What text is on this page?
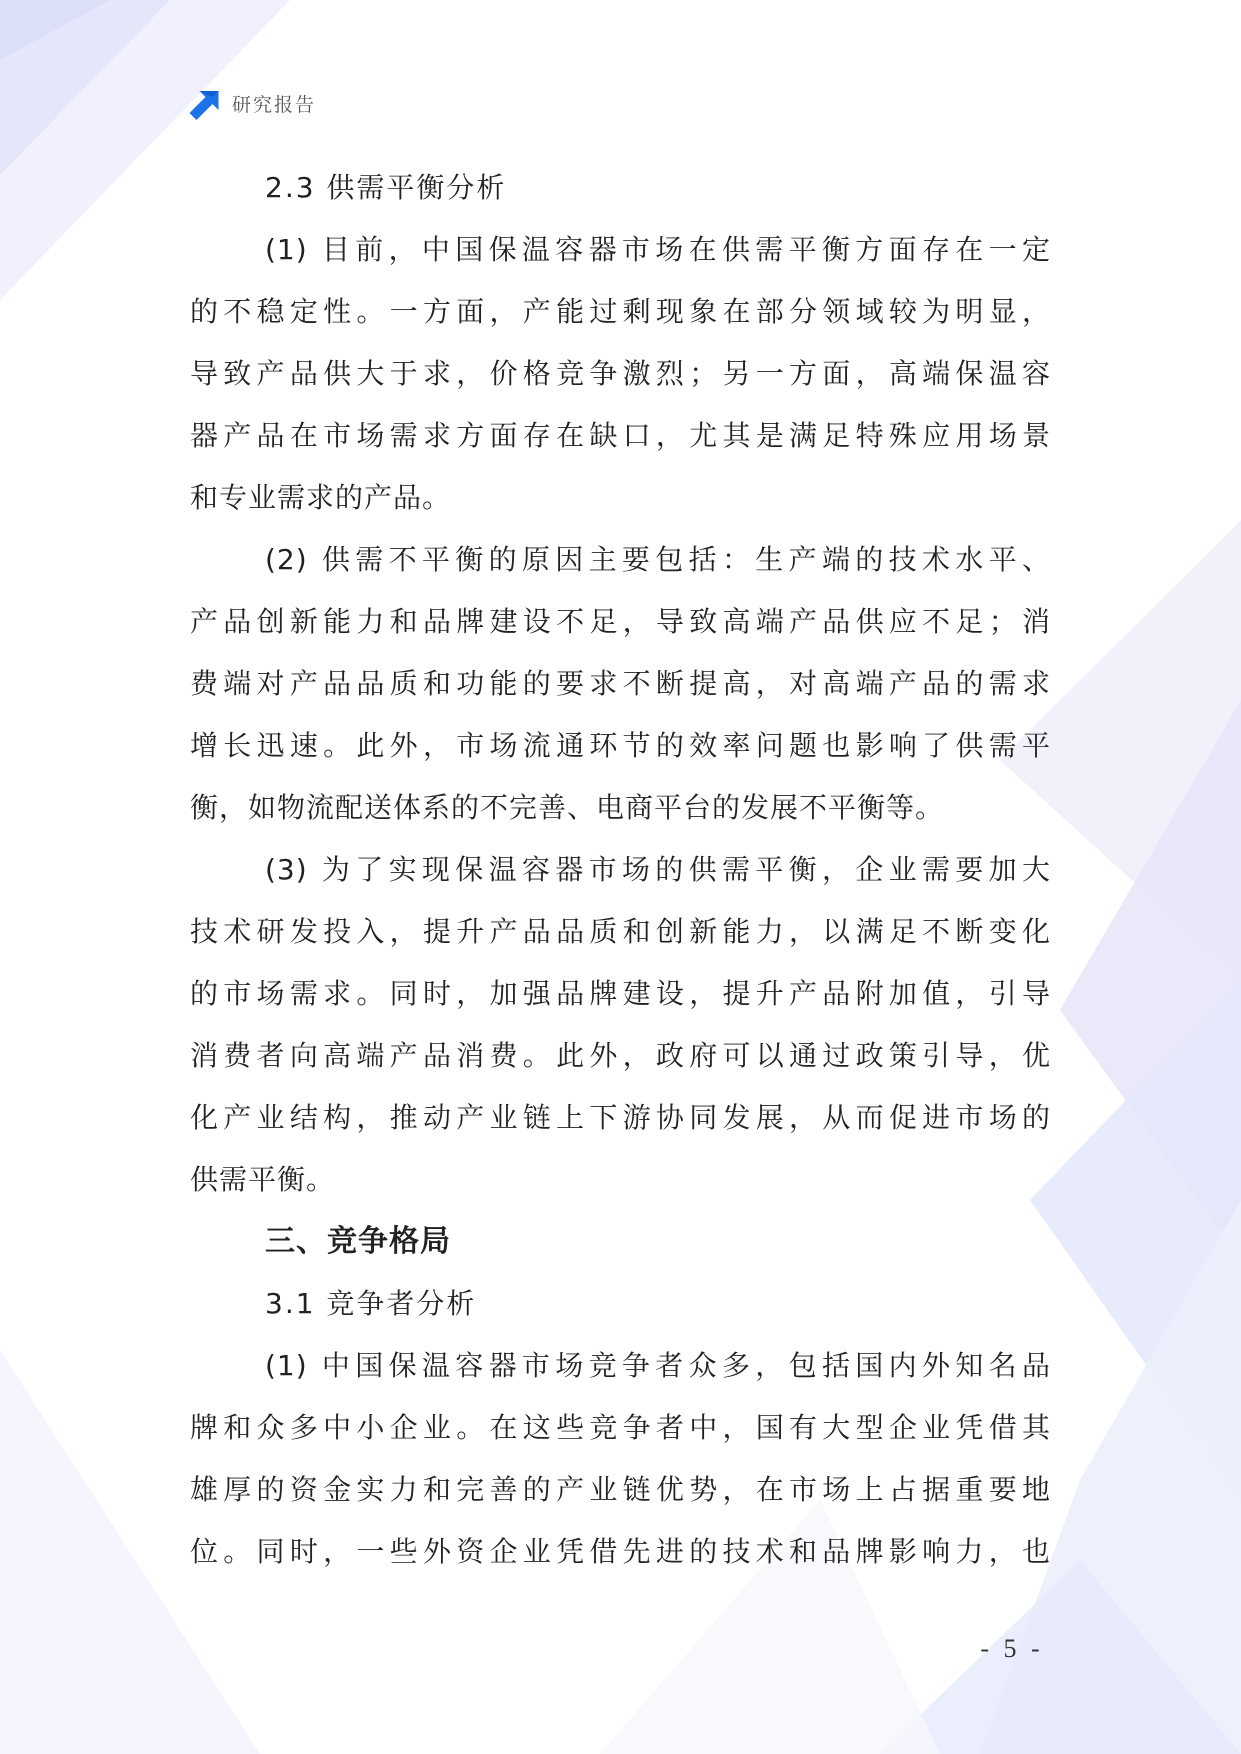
研究报告
2.3 供需平衡分析
(1) 目前，中国保温容器市场在供需平衡方面存在一定
的不稳定性。一方面，产能过剩现象在部分领域较为明显，
导致产品供大于求，价格竞争激烈；另一方面，高端保温容
器产品在市场需求方面存在缺口，尤其是满足特殊应用场景
和专业需求的产品。
(2) 供需不平衡的原因主要包括：生产端的技术水平、
产品创新能力和品牌建设不足，导致高端产品供应不足；消
费端对产品品质和功能的要求不断提高，对高端产品的需求
增长迅速。此外，市场流通环节的效率问题也影响了供需平
衡，如物流配送体系的不完善、电商平台的发展不平衡等。
(3) 为了实现保温容器市场的供需平衡，企业需要加大
技术研发投入，提升产品品质和创新能力，以满足不断变化
的市场需求。同时，加强品牌建设，提升产品附加值，引导
消费者向高端产品消费。此外，政府可以通过政策引导，优
化产业结构，推动产业链上下游协同发展，从而促进市场的
供需平衡。
三、竞争格局
3.1 竞争者分析
(1) 中国保温容器市场竞争者众多，包括国内外知名品
牌和众多中小企业。在这些竞争者中，国有大型企业凭借其
雄厚的资金实力和完善的产业链优势，在市场上占据重要地
位。同时，一些外资企业凭借先进的技术和品牌影响力，也
- 5 -
